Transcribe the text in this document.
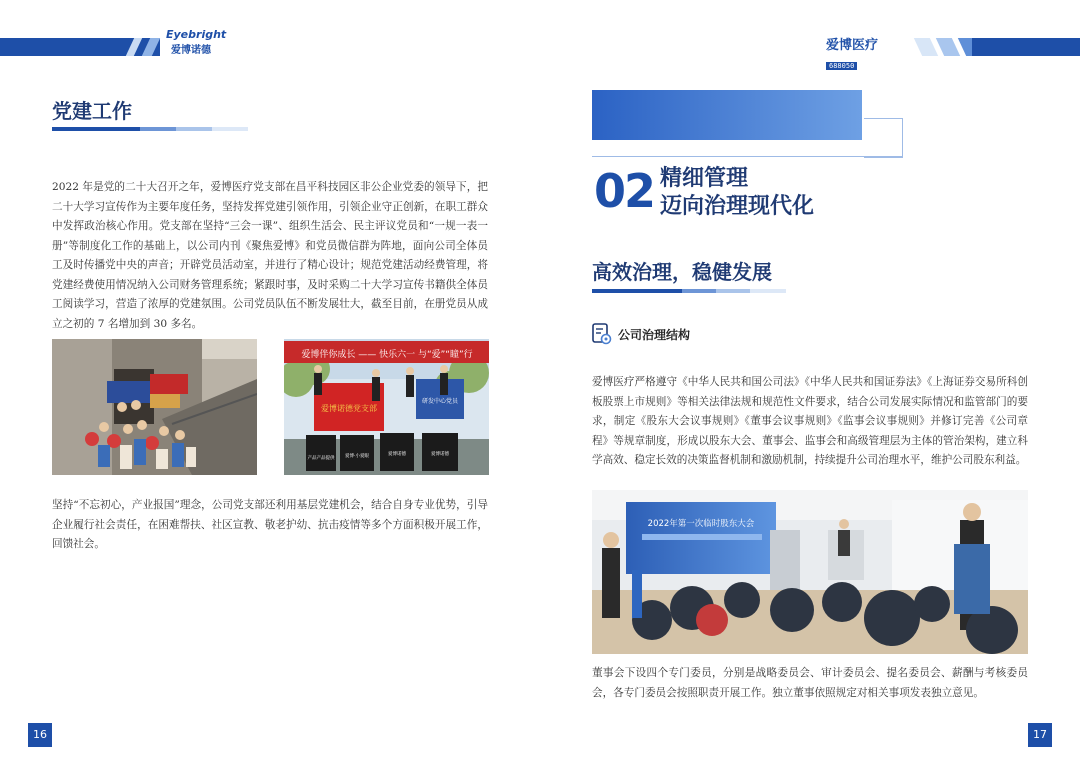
Eyebright
爱博诺德	爱博医疗
688050
党建工作
2022 年是党的二十大召开之年，爱博医疗党支部在昌平科技园区非公企业党委的领导下，把二十大学习宣传作为主要年度任务，坚持发挥党建引领作用，引领企业守正创新，在职工群众中发挥政治核心作用。党支部在坚持“三会一课”、组织生活会、民主评议党员和“一规一表一册”等制度化工作的基础上，以公司内刊《聚焦爱博》和党员微信群为阵地，面向公司全体员工及时传播党中央的声音；开辟党员活动室，并进行了精心设计；规范党建活动经费管理，将党建经费使用情况纳入公司财务管理系统；紧跟时事，及时采购二十大学习宣传书籍供全体员工阅读学习，营造了浓厚的党建氛围。公司党员队伍不断发展壮大，截至目前，在册党员从成立之初的 7 名增加到 30 多名。
爱博伴你成长 —— 快乐六一 与“爱”“瞳”行
爱博诺德党支部
研发中心党员
产品产品提供 爱博·小爱眼	爱博诺德	爱博诺德
坚持“不忘初心，产业报国”理念，公司党支部还利用基层党建机会，结合自身专业优势，引导企业履行社会责任，在困难帮扶、社区宣教、敬老护幼、抗击疫情等多个方面积极开展工作，回馈社会。
16
02 精细管理
迈向治理现代化
高效治理，稳健发展
公司治理结构
爱博医疗严格遵守《中华人民共和国公司法》《中华人民共和国证券法》《上海证券交易所科创板股票上市规则》等相关法律法规和规范性文件要求，结合公司发展实际情况和监管部门的要求，制定《股东大会议事规则》《董事会议事规则》《监事会议事规则》并修订完善《公司章程》等规章制度，形成以股东大会、董事会、监事会和高级管理层为主体的管治架构，建立科学高效、稳定长效的决策监督机制和激励机制，持续提升公司治理水平，维护公司股东利益。
2022年第一次临时股东大会
董事会下设四个专门委员，分别是战略委员会、审计委员会、提名委员会、薪酬与考核委员会，各专门委员会按照职责开展工作。独立董事依照规定对相关事项发表独立意见。
17
